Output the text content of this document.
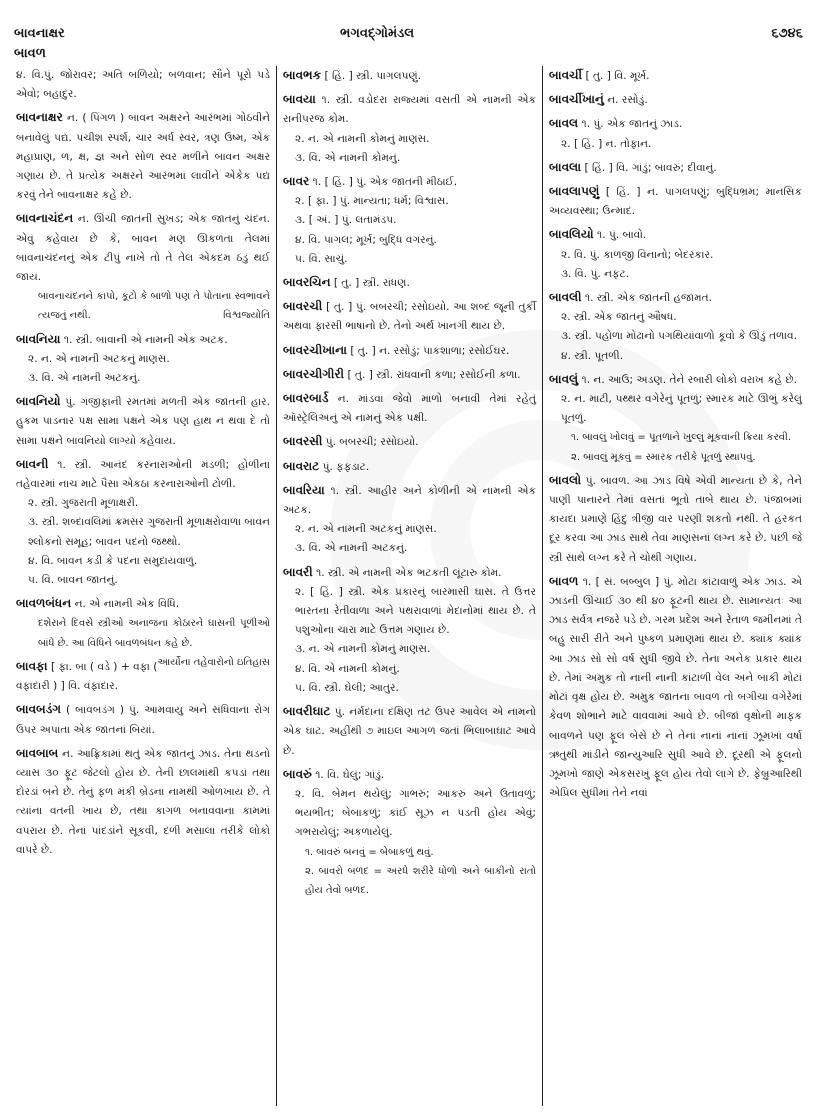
બાવનાક્ષર
બાવળ
ભગવદ્ગોમંડલ	૬૭૪૬
૪. વિ.પું. જોરાવર; અતિ બળિયો; બળવાન; સૌને પૂરો પડે એવો; બહાદુર.
બાવનાક્ષર ન. ( પિંગળ ) બાવન અક્ષરને આરંભમાં ગોઠવીને બનાવેલું પદ્ય. પચીશ સ્પર્શ, ચાર અર્ધ સ્વર, ત્રણ ઉષ્મ, એક મહાપ્રાણ, ળ, ક્ષ, જ્ઞ અને સોળ સ્વર મળીને બાવન અક્ષર ગણાય છે. તે પ્રત્યેક અક્ષરને આરંભમાં લાવીને એકેક પદ્ય કરવું તેને બાવનાક્ષર કહે છે.
બાવનાચંદન ન. ઊંચી જાતની સુખડ; એક જાતનું ચંદન. એવું કહેવાય છે કે, બાવન મણ ઊકળતા તેલમાં બાવનાચંદનનું એક ટીપું નાખે તો તે તેલ એકદમ ઠંડું થઈ જાય.
બાવનાચંદનને કાપો, કૂટો કે બાળો પણ તે પોતાના સ્વભાવને ત્યજતું નથી.	વિશ્વજ્યોતિ
બાવનિયા ૧. સ્ત્રી. બાવાની એ નામની એક અટક.
૨. ન. એ નામની અટકનું માણસ.
૩. વિ. એ નામની અટકનું.
બાવનિયો પું. ગંજીફાની રમતમાં મળતી એક જાતની હાર. હુકમ પાડનાર પક્ષ સામા પક્ષને એક પણ હાથ ન થવા દે તો સામા પક્ષને બાવનિયો લાગ્યો કહેવાય.
બાવની ૧. સ્ત્રી. આનંદ કરનારાઓની મંડળી; હોળીના તહેવારમાં નાચ માટે પૈસા એકઠા કરનારાઓની ટોળી.
૨. સ્ત્રી. ગુજરાતી મૂળાક્ષરી.
૩. સ્ત્રી. શબ્દાવલિમાં ક્રમસર ગુજરાતી મૂળાક્ષરોવાળા બાવન શ્લોકનો સમૂહ; બાવન પદનો જથ્થો.
૪. વિ. બાવન કડી કે પદના સમુદાયવાળું.
૫. વિ. બાવન જાતનું.
બાવળબંધન ન. એ નામની એક વિધિ.
દશેરાને દિવસે સ્ત્રીઓ અનાજના કોઠારને ઘાસની પૂળીઓ બાંધે છે. આ વિધિને બાવળબંધન કહે છે.
આર્યોના તહેવારોનો ઇતિહાસ
બાવફા [ ફા. બા ( વડે ) + વફા ( વફાદારી ) ] વિ. વફાદાર.
બાવબડંગ ( બાવબડંગ ) પું. આમવાયુ અને સંધિવાના રોગ ઉપર અપાતા એક જાતનાં બિયાં.
બાવબાબ ન. આફ્રિકામાં થતું એક જાતનું ઝાડ. તેના થડનો વ્યાસ ૩૦ ફૂટ જેટલો હોય છે. તેની છાલમાંથી કપડાં તથા દોરડાં બને છે. તેનું ફળ મંકી બ્રેડના નામથી ઓળખાય છે. તે ત્યાંના વતની ખાય છે, તથા કાગળ બનાવવાના કામમાં વપરાય છે. તેનાં પાંદડાંને સૂકવી, દળી મસાલા તરીકે લોકો વાપરે છે.
બાવભક [ હિં. ] સ્ત્રી. પાગલપણું.
બાવયા ૧. સ્ત્રી. વડોદરા રાજ્યમાં વસતી એ નામની એક રાનીપરજ કોમ.
૨. ન. એ નામની કોમનું માણસ.
૩. વિ. એ નામની કોમનું.
બાવર ૧. [ હિં. ] પું. એક જાતની મીઠાઈ.
૨. [ ફા. ] પું. માન્યતા; ધર્મ; વિશ્વાસ.
૩. [ અં. ] પું. લતામંડપ.
૪. વિ. પાગલ; મૂર્ખ; બુદ્ધિ વગરનું.
૫. વિ. સાચું.
બાવરચિન [ તુ. ] સ્ત્રી. રાંધણ.
બાવરચી [ તુ. ] પું. બબરચી; રસોઇયો. આ શબ્દ જૂની તુર્કી અથવા ફારસી ભાષાનો છે. તેનો અર્થ ખાનગી થાય છે.
બાવરચીખાના [ તુ. ] ન. રસોડું; પાકશાળા; રસોઈઘર.
બાવરચીગીરી [ તુ. ] સ્ત્રી. રાંધવાની કળા; રસોઈની કળા.
બાવરબાર્ડ ન. માંડવા જેવો માળો બનાવી તેમાં રહેતું ઑસ્ટ્રેલિઅનું એ નામનું એક પક્ષી.
બાવરસી પું. બબરચી; રસોઇયો.
બાવરાટ પું. ફફડાટ.
બાવરિયા ૧. સ્ત્રી. આહીર અને કોળીની એ નામની એક અટક.
૨. ન. એ નામની અટકનું માણસ.
૩. વિ. એ નામની અટકનું.
બાવરી ૧. સ્ત્રી. એ નામની એક ભટકતી લૂંટારુ કોમ.
૨. [ હિં. ] સ્ત્રી. એક પ્રકારનું બારમાસી ઘાસ. તે ઉત્તર ભારતના રેતીવાળા અને પથરાવાળાં મેદાનોમાં થાય છે. તે પશુઓના ચારા માટે ઉત્તમ ગણાય છે.
૩. ન. એ નામની કોમનું માણસ.
૪. વિ. એ નામની કોમનું.
૫. વિ. સ્ત્રી. ઘેલી; આતુર.
બાવરીઘાટ પું. નર્મદાના દક્ષિણ તટ ઉપર આવેલ એ નામનો એક ઘાટ. અહીંથી ૭ માઇલ આગળ જતાં ભિલાબાઘાટ આવે છે.
બાવરું ૧. વિ. ઘેલું; ગાંડું.
૨. વિ. બેમન થયેલું; ગાભરું; આકરું અને ઉતાવળું; ભયભીત; બેબાકળું; કાંઈ સૂઝ ન પડતી હોય એવું; ગભરાયેલું; અકળાયેલું.
૧. બાવરું બનવું = બેબાકળું થવું.
૨. બાવરો બળદ = અરધે શરીરે ધોળો અને બાકીનો રાતો હોય તેવો બળદ.
બાવર્ચી [ તુ. ] વિ. મૂર્ખ.
બાવર્ચીખાનું ન. રસોડું.
બાવલ ૧. પું. એક જાતનું ઝાડ.
૨. [ હિં. ] ન. તોફાન.
બાવલા [ હિં. ] વિ. ગાંડું; બાવરું; દીવાનું.
બાવલાપણું [ હિં. ] ન. પાગલપણું; બુદ્ધિભ્રમ; માનસિક અવ્યવસ્થા; ઉન્માદ.
બાવલિયો ૧. પું. બાવો.
૨. વિ. પું. કાળજી વિનાનો; બેદરકાર.
૩. વિ. પું. નફટ.
બાવલી ૧. સ્ત્રી. એક જાતની હજામત.
૨. સ્ત્રી. એક જાતનું ઔષધ.
૩. સ્ત્રી. પહોળા મોઢાનો પગથિયાંવાળો કૂવો કે ઊંડું તળાવ.
૪. સ્ત્રી. પૂતળી.
બાવલું ૧. ન. આઉ; અડણ. તેને રબારી લોકો વરાખ કહે છે.
૨. ન. માટી, પથ્થર વગેરેનું પૂતળું; સ્મારક માટે ઊભું કરેલું પૂતળું.
૧. બાવલું ખોલવું = પૂતળાને ખુલ્લું મૂકવાની ક્રિયા કરવી.
૨. બાવલું મૂકવું = સ્મારક તરીકે પૂતળું સ્થાપવું.
બાવલો પું. બાવળ. આ ઝાડ વિષે એવી માન્યતા છે કે, તેને પાણી પાનારને તેમાં વસતાં ભૂતો તાબે થાય છે. પંજાબમાં કાયદા પ્રમાણે હિંદુ ત્રીજી વાર પરણી શકતો નથી. તે હરકત દૂર કરવા આ ઝાડ સાથે તેવા માણસનાં લગ્ન કરે છે. પછી જે સ્ત્રી સાથે લગ્ન કરે તે ચોથી ગણાય.
બાવળ ૧. [ સં. બબ્બુલ ] પું. મોટા કાંટાવાળું એક ઝાડ. એ ઝાડની ઊંચાઈ ૩૦ થી ૪૦ ફૂટની થાય છે. સામાન્યતઃ આ ઝાડ સર્વત્ર નજરે પડે છે. ગરમ પ્રદેશ અને રેતાળ જમીનમાં તે બહુ સારી રીતે અને પુષ્કળ પ્રમાણમાં થાય છે. ક્યાંક ક્યાંક આ ઝાડ સો સો વર્ષ સુધી જીવે છે. તેના અનેક પ્રકાર થાય છે. તેમાં અમુક તો નાની નાની કાંટાળી વેલ અને બાકી મોટાં મોટાં વૃક્ષ હોય છે. અમુક જાતના બાવળ તો બગીચા વગેરેમાં કેવળ શોભાને માટે વાવવામાં આવે છે. બીજાં વૃક્ષોની માફક બાવળને પણ ફૂલ બેસે છે ને તેનાં નાનાં નાનાં ઝૂમખાં વર્ષા ઋતુથી માંડીને જાન્યુઆરિ સુધી આવે છે. દૂરથી એ ફૂલનો ઝૂમખો જાણે એકસરખું ફૂલ હોય તેવો લાગે છે. ફેબ્રુઆરિથી એપ્રિલ સુધીમાં તેને નવાં
